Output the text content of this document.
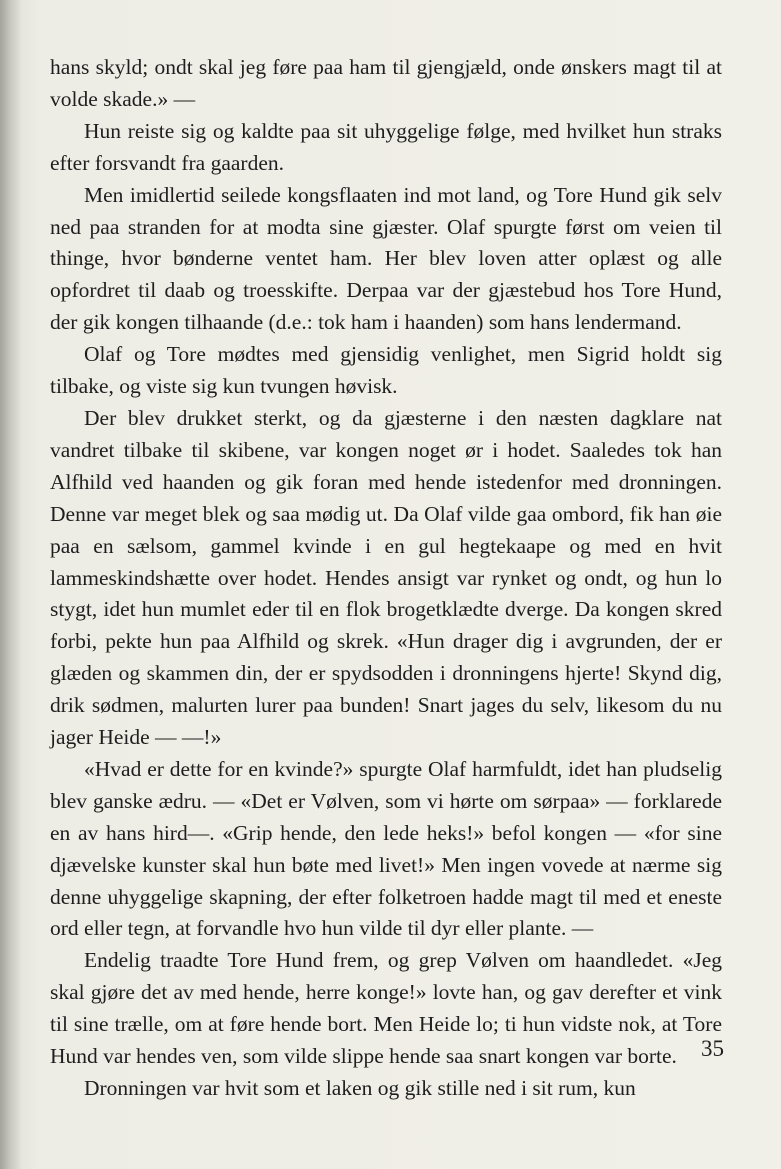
hans skyld; ondt skal jeg føre paa ham til gjengjæld, onde ønskers magt til at volde skade.» —

Hun reiste sig og kaldte paa sit uhyggelige følge, med hvilket hun straks efter forsvandt fra gaarden.

Men imidlertid seilede kongsflaaten ind mot land, og Tore Hund gik selv ned paa stranden for at modta sine gjæster. Olaf spurgte først om veien til thinge, hvor bønderne ventet ham. Her blev loven atter oplæst og alle opfordret til daab og troesskifte. Derpaa var der gjæstebud hos Tore Hund, der gik kongen tilhaande (d.e.: tok ham i haanden) som hans lendermand.

Olaf og Tore mødtes med gjensidig venlighet, men Sigrid holdt sig tilbake, og viste sig kun tvungen høvisk.

Der blev drukket sterkt, og da gjæsterne i den næsten dagklare nat vandret tilbake til skibene, var kongen noget ør i hodet. Saaledes tok han Alfhild ved haanden og gik foran med hende istedenfor med dronningen. Denne var meget blek og saa mødig ut. Da Olaf vilde gaa ombord, fik han øie paa en sælsom, gammel kvinde i en gul hegtekaape og med en hvit lammeskindshætte over hodet. Hendes ansigt var rynket og ondt, og hun lo stygt, idet hun mumlet eder til en flok brogetklædte dverge. Da kongen skred forbi, pekte hun paa Alfhild og skrek. «Hun drager dig i avgrunden, der er glæden og skammen din, der er spydsodden i dronningens hjerte! Skynd dig, drik sødmen, malurten lurer paa bunden! Snart jages du selv, likesom du nu jager Heide — —!»

«Hvad er dette for en kvinde?» spurgte Olaf harmfuldt, idet han pludselig blev ganske ædru. — «Det er Vølven, som vi hørte om sørpaa» — forklarede en av hans hird—. «Grip hende, den lede heks!» befol kongen — «for sine djævelske kunster skal hun bøte med livet!» Men ingen vovede at nærme sig denne uhyggelige skapning, der efter folketroen hadde magt til med et eneste ord eller tegn, at forvandle hvo hun vilde til dyr eller plante. —

Endelig traadte Tore Hund frem, og grep Vølven om haandledet. «Jeg skal gjøre det av med hende, herre konge!» lovte han, og gav derefter et vink til sine trælle, om at føre hende bort. Men Heide lo; ti hun vidste nok, at Tore Hund var hendes ven, som vilde slippe hende saa snart kongen var borte.

Dronningen var hvit som et laken og gik stille ned i sit rum, kun

35
